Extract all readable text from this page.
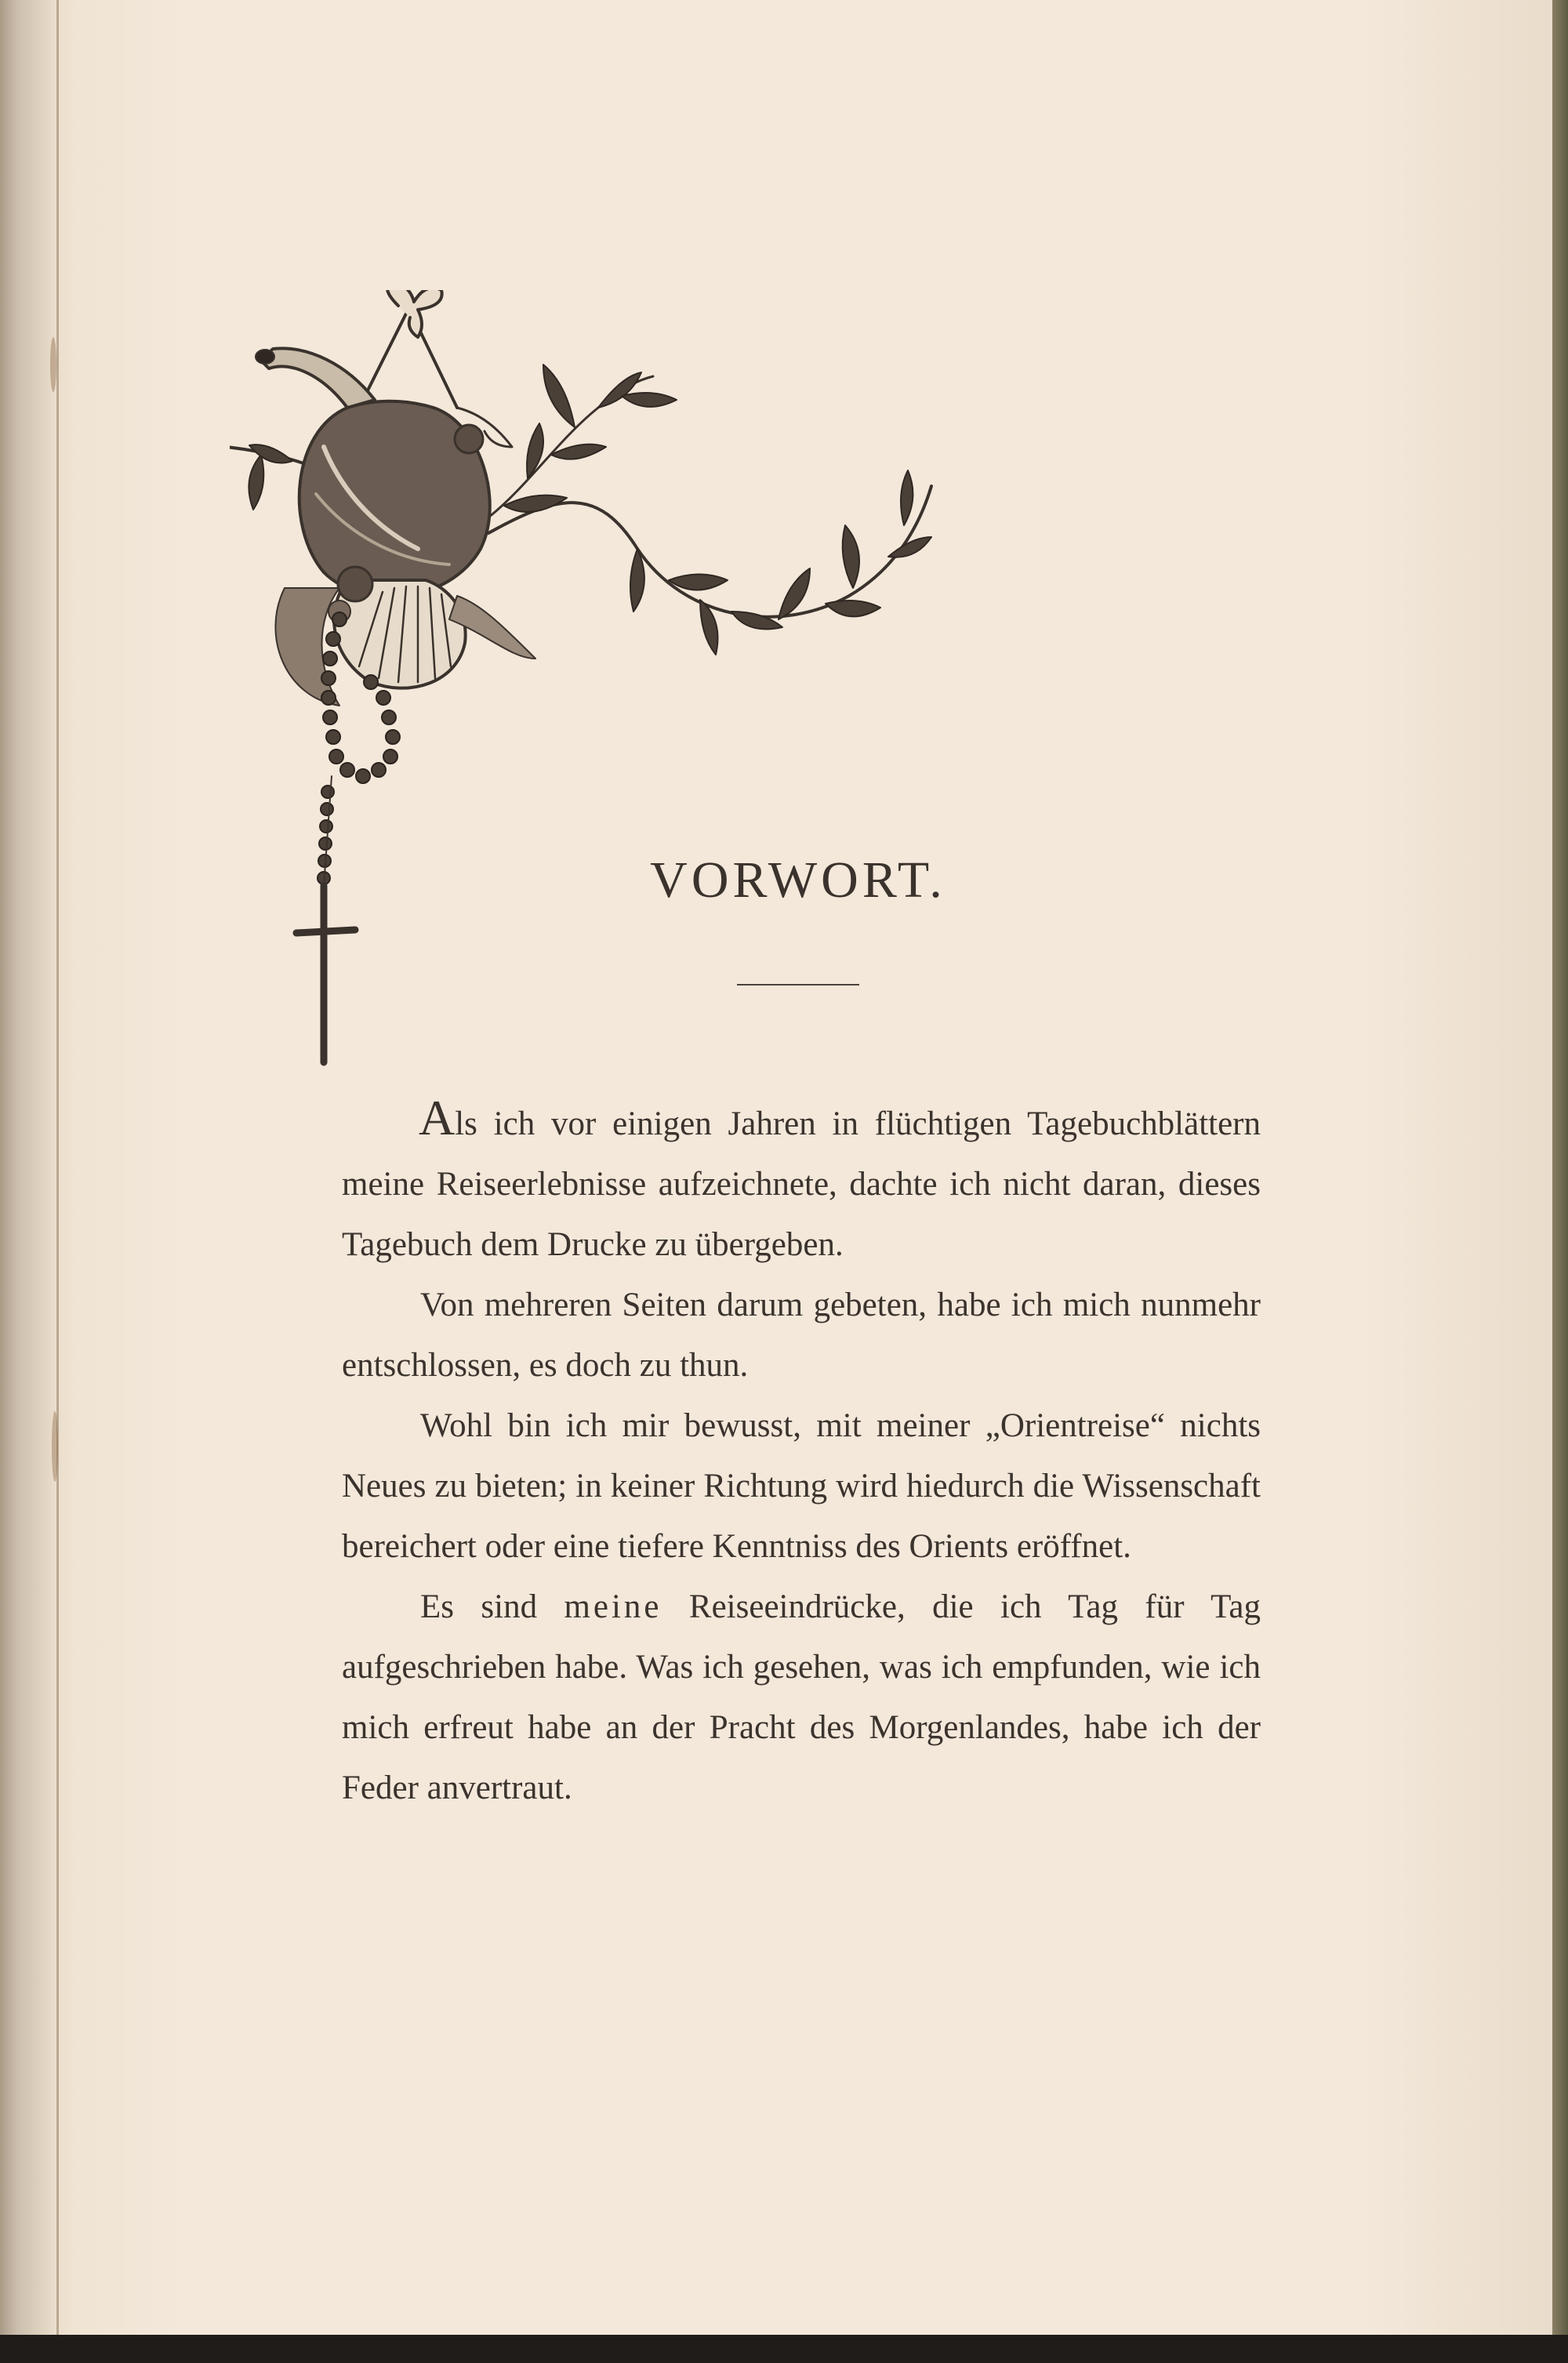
VORWORT.

Als ich vor einigen Jahren in flüchtigen Tagebuchblättern meine Reiseerlebnisse aufzeichnete, dachte ich nicht daran, dieses Tagebuch dem Drucke zu übergeben.

Von mehreren Seiten darum gebeten, habe ich mich nunmehr entschlossen, es doch zu thun.

Wohl bin ich mir bewusst, mit meiner „Orientreise“ nichts Neues zu bieten; in keiner Richtung wird hiedurch die Wissenschaft bereichert oder eine tiefere Kenntniss des Orients eröffnet.

Es sind meine Reiseeindrücke, die ich Tag für Tag aufgeschrieben habe. Was ich gesehen, was ich empfunden, wie ich mich erfreut habe an der Pracht des Morgenlandes, habe ich der Feder anvertraut.
